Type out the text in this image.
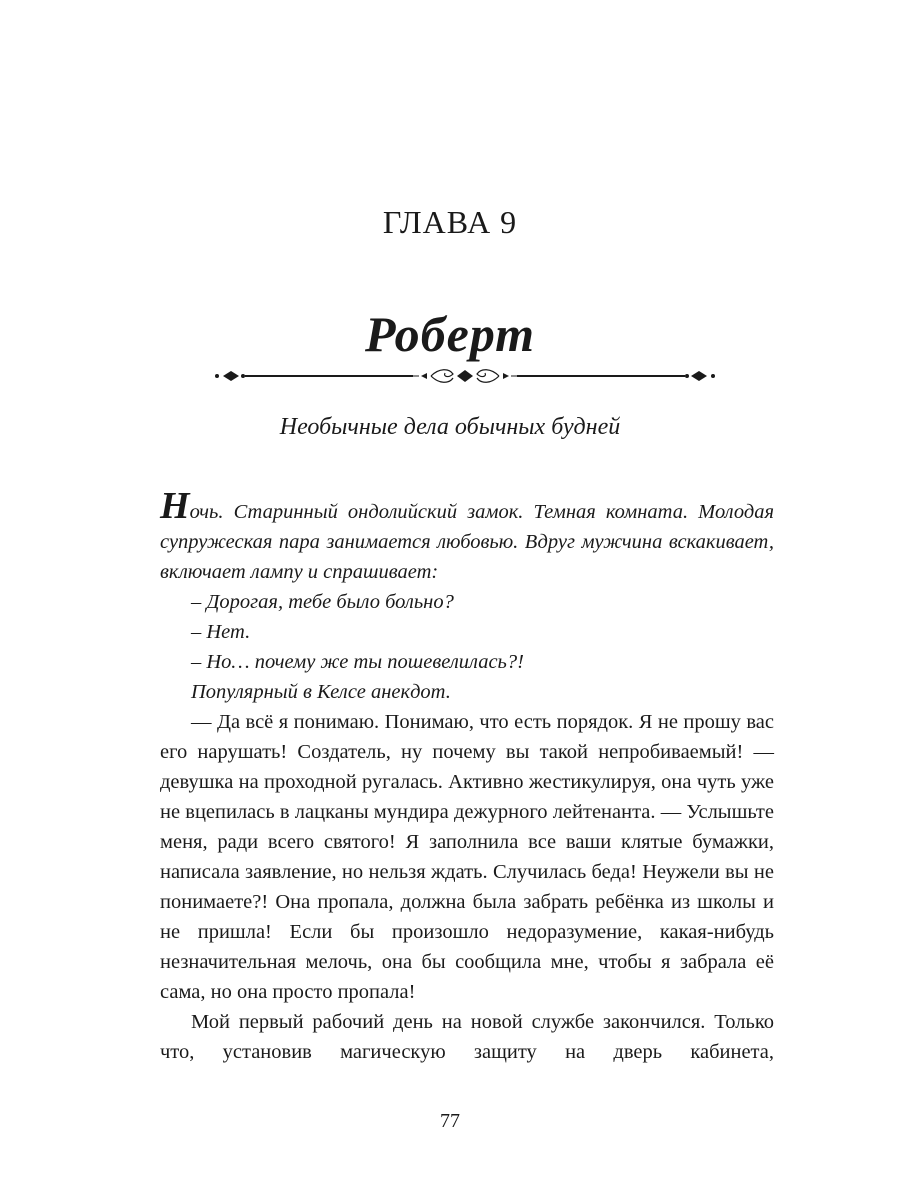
ГЛАВА 9
Роберт
Необычные дела обычных будней

Ночь. Старинный ондолийский замок. Темная комната. Молодая супружеская пара занимается любовью. Вдруг мужчина вскакивает, включает лампу и спрашивает:

– Дорогая, тебе было больно?

– Нет.

– Но… почему же ты пошевелилась?!

Популярный в Келсе анекдот.

— Да всё я понимаю. Понимаю, что есть порядок. Я не прошу вас его нарушать! Создатель, ну почему вы такой непробиваемый! — девушка на проходной ругалась. Активно жестикулируя, она чуть уже не вцепилась в лацканы мундира дежурного лейтенанта. — Услышьте меня, ради всего святого! Я заполнила все ваши клятые бумажки, написала заявление, но нельзя ждать. Случилась беда! Неужели вы не понимаете?! Она пропала, должна была забрать ребёнка из школы и не пришла! Если бы произошло недоразумение, какая-нибудь незначительная мелочь, она бы сообщила мне, чтобы я забрала её сама, но она просто пропала!

Мой первый рабочий день на новой службе закончился. Только что, установив магическую защиту на дверь кабинета,

77
